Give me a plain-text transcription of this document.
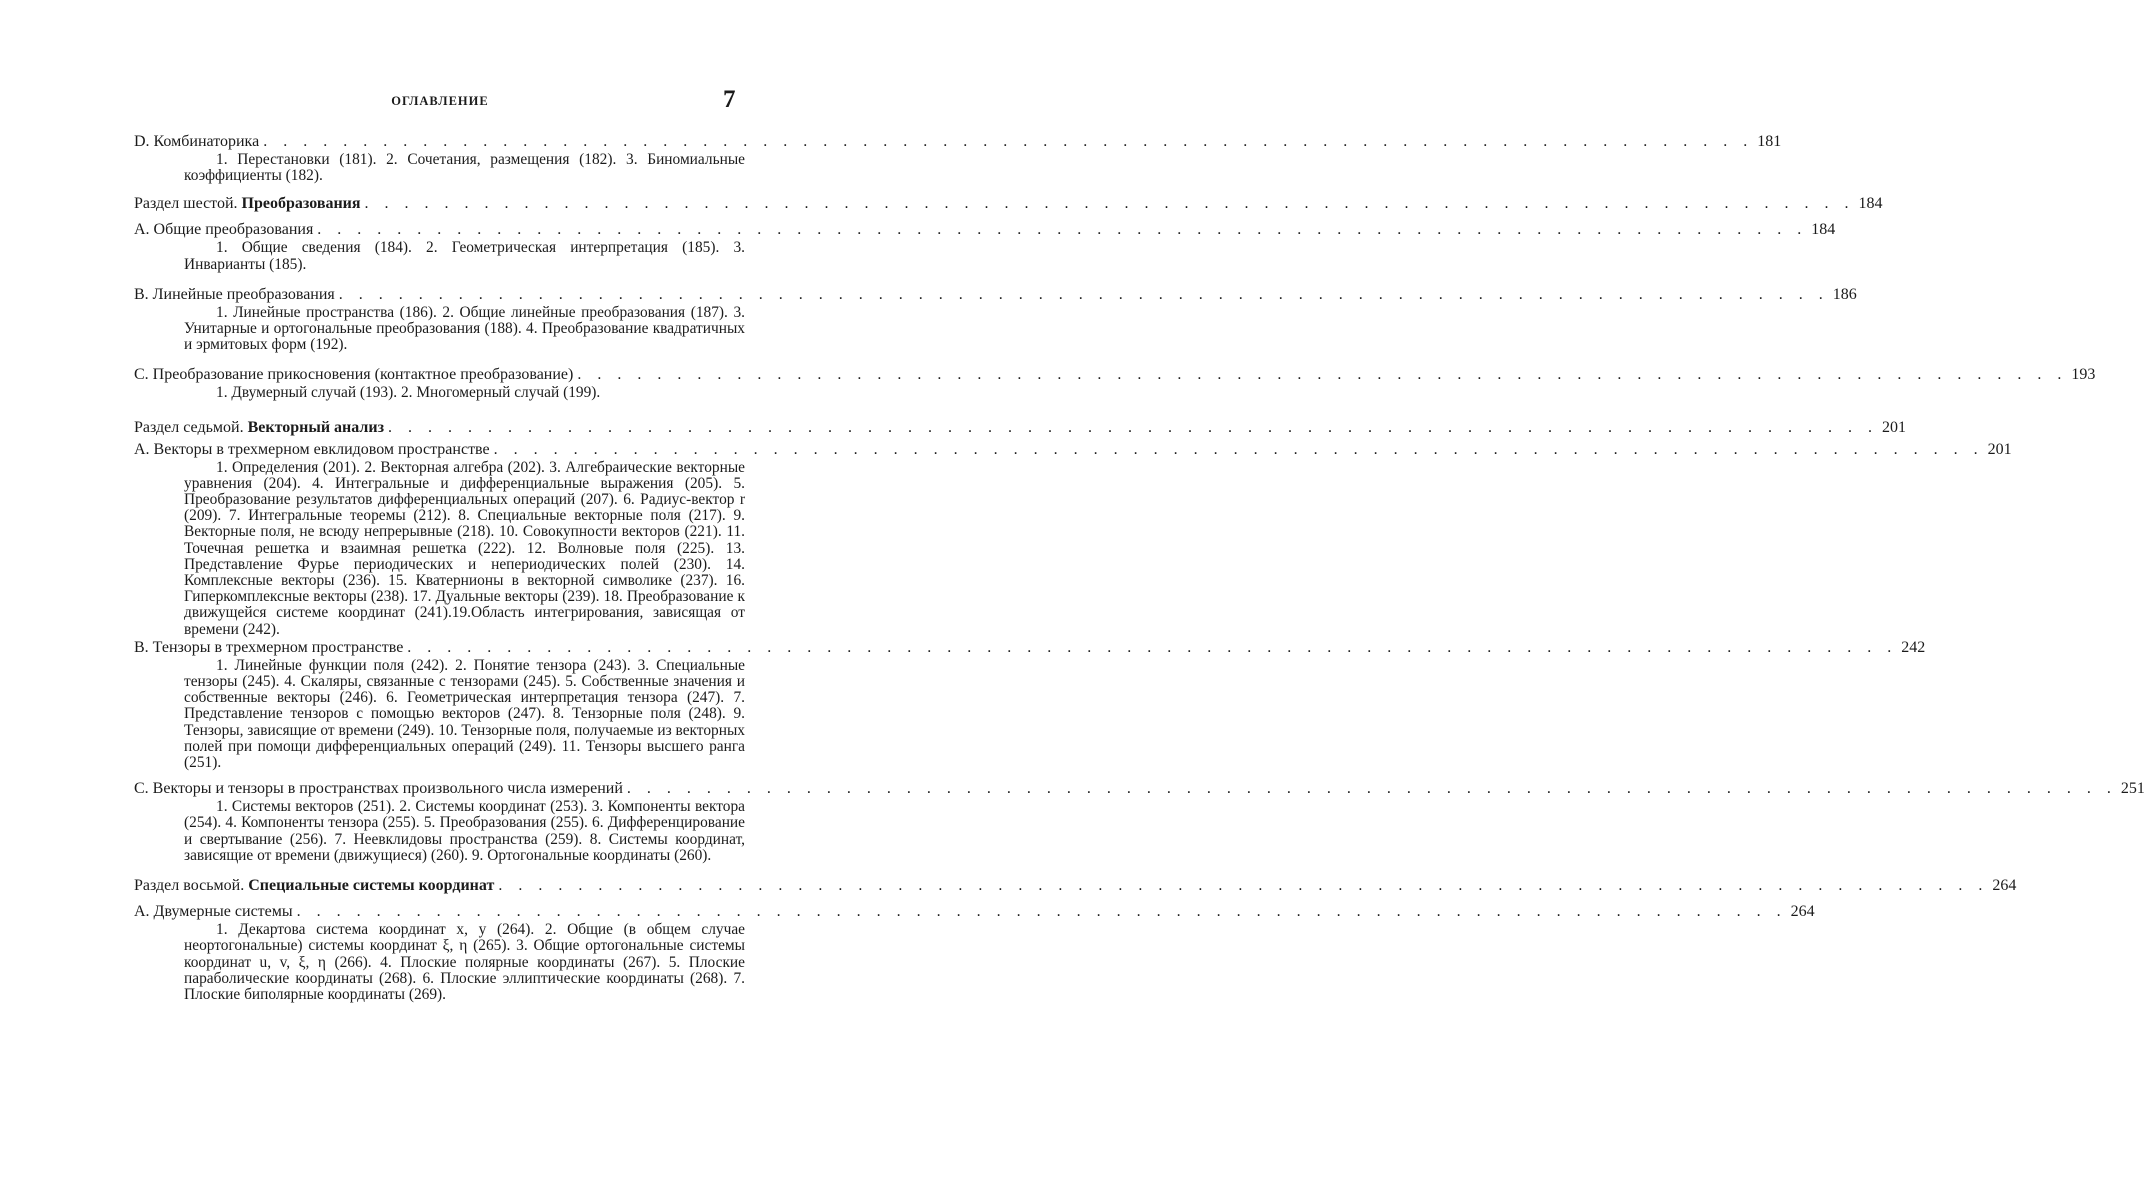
ОГЛАВЛЕНИЕ	7
D. Комбинаторика . . .	181
1. Перестановки (181). 2. Сочетания, размещения (182). 3. Биномиальные коэффициенты (182).
Раздел шестой. Преобразования . . .	184
A. Общие преобразования . . .	184
1. Общие сведения (184). 2. Геометрическая интерпретация (185). 3. Инварианты (185).
B. Линейные преобразования . . .	186
1. Линейные пространства (186). 2. Общие линейные преобразования (187). 3. Унитарные и ортогональные преобразования (188). 4. Преобразование квадратичных и эрмитовых форм (192).
C. Преобразование прикосновения (контактное преобразование) . . .	193
1. Двумерный случай (193). 2. Многомерный случай (199).
Раздел седьмой. Векторный анализ . . .	201
A. Векторы в трехмерном евклидовом пространстве . . .	201
1. Определения (201). 2. Векторная алгебра (202). 3. Алгебраические векторные уравнения (204). 4. Интегральные и дифференциальные выражения (205). 5. Преобразование результатов дифференциальных операций (207). 6. Радиус-вектор r (209). 7. Интегральные теоремы (212). 8. Специальные векторные поля (217). 9. Векторные поля, не всюду непрерывные (218). 10. Совокупности векторов (221). 11. Точечная решетка и взаимная решетка (222). 12. Волновые поля (225). 13. Представление Фурье периодических и непериодических полей (230). 14. Комплексные векторы (236). 15. Кватернионы в векторной символике (237). 16. Гиперкомплексные векторы (238). 17. Дуальные векторы (239). 18. Преобразование к движущейся системе координат (241).19.Область интегрирования, зависящая от времени (242).
B. Тензоры в трехмерном пространстве . . .	242
1. Линейные функции поля (242). 2. Понятие тензора (243). 3. Специальные тензоры (245). 4. Скаляры, связанные с тензорами (245). 5. Собственные значения и собственные векторы (246). 6. Геометрическая интерпретация тензора (247). 7. Представление тензоров с помощью векторов (247). 8. Тензорные поля (248). 9. Тензоры, зависящие от времени (249). 10. Тензорные поля, получаемые из векторных полей при помощи дифференциальных операций (249). 11. Тензоры высшего ранга (251).
C. Векторы и тензоры в пространствах произвольного числа измерений . . .	251
1. Системы векторов (251). 2. Системы координат (253). 3. Компоненты вектора (254). 4. Компоненты тензора (255). 5. Преобразования (255). 6. Дифференцирование и свертывание (256). 7. Неевклидовы пространства (259). 8. Системы координат, зависящие от времени (движущиеся) (260). 9. Ортогональные координаты (260).
Раздел восьмой. Специальные системы координат . . .	264
A. Двумерные системы . . .	264
1. Декартова система координат x, y (264). 2. Общие (в общем случае неортогональные) системы координат ξ, η (265). 3. Общие ортогональные системы координат u, v, ξ, η (266). 4. Плоские полярные координаты (267). 5. Плоские параболические координаты (268). 6. Плоские эллиптические координаты (268). 7. Плоские биполярные координаты (269).
